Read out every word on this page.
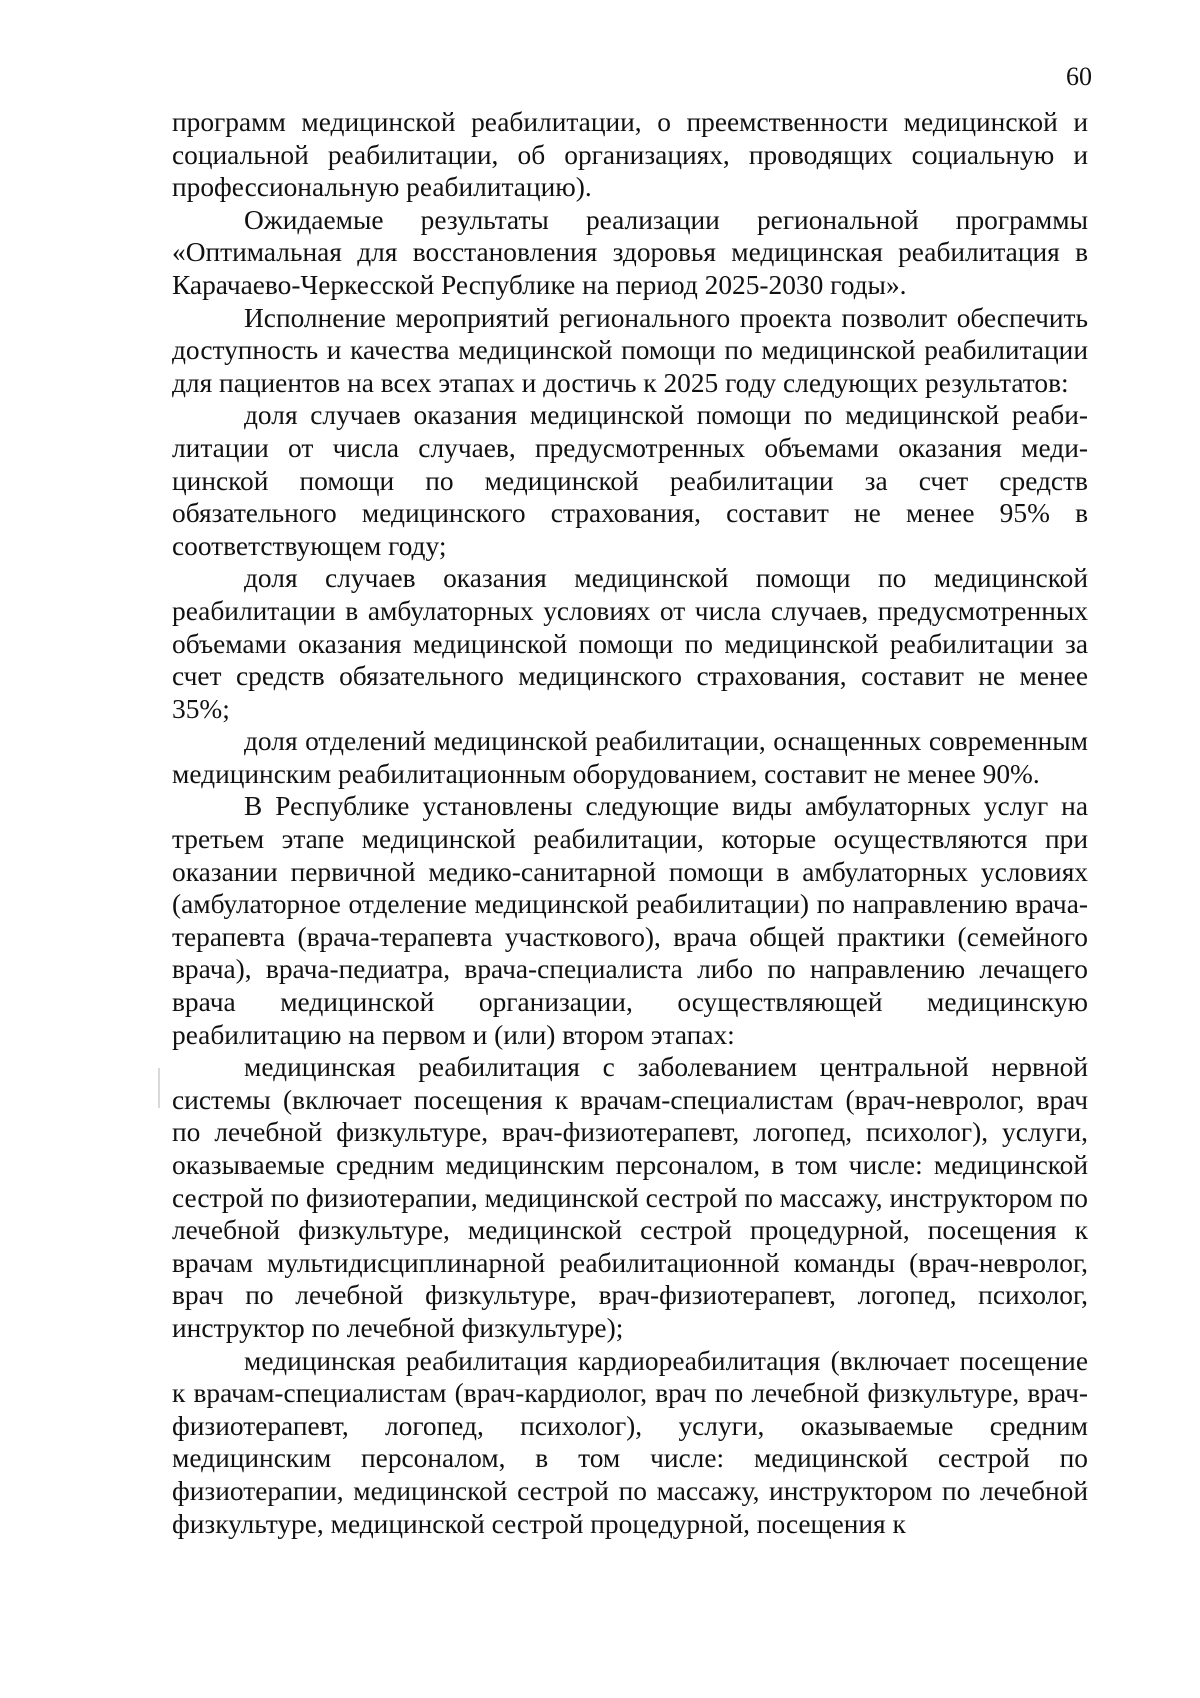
60

программ медицинской реабилитации, о преемственности медицинской и социальной реабилитации, об организациях, проводящих социальную и профессиональную реабилитацию).

Ожидаемые результаты реализации региональной программы «Оптимальная для восстановления здоровья медицинская реабилитация в Карачаево-Черкесской Республике на период 2025-2030 годы».

Исполнение мероприятий регионального проекта позволит обеспечить доступность и качества медицинской помощи по медицинской реабилитации для пациентов на всех этапах и достичь к 2025 году следующих результатов:

доля случаев оказания медицинской помощи по медицинской реабилитации от числа случаев, предусмотренных объемами оказания медицинской помощи по медицинской реабилитации за счет средств обязательного медицинского страхования, составит не менее 95% в соответствующем году;

доля случаев оказания медицинской помощи по медицинской реабилитации в амбулаторных условиях от числа случаев, предусмотренных объемами оказания медицинской помощи по медицинской реабилитации за счет средств обязательного медицинского страхования, составит не менее 35%;

доля отделений медицинской реабилитации, оснащенных современным медицинским реабилитационным оборудованием, составит не менее 90%.

В Республике установлены следующие виды амбулаторных услуг на третьем этапе медицинской реабилитации, которые осуществляются при оказании первичной медико-санитарной помощи в амбулаторных условиях (амбулаторное отделение медицинской реабилитации) по направлению врача-терапевта (врача-терапевта участкового), врача общей практики (семейного врача), врача-педиатра, врача-специалиста либо по направлению лечащего врача медицинской организации, осуществляющей медицинскую реабилитацию на первом и (или) втором этапах:

медицинская реабилитация с заболеванием центральной нервной системы (включает посещения к врачам-специалистам (врач-невролог, врач по лечебной физкультуре, врач-физиотерапевт, логопед, психолог), услуги, оказываемые средним медицинским персоналом, в том числе: медицинской сестрой по физиотерапии, медицинской сестрой по массажу, инструктором по лечебной физкультуре, медицинской сестрой процедурной, посещения к врачам мультидисциплинарной реабилитационной команды (врач-невролог, врач по лечебной физкультуре, врач-физиотерапевт, логопед, психолог, инструктор по лечебной физкультуре);

медицинская реабилитация кардиореабилитация (включает посещение к врачам-специалистам (врач-кардиолог, врач по лечебной физкультуре, врач-физиотерапевт, логопед, психолог), услуги, оказываемые средним медицинским персоналом, в том числе: медицинской сестрой по физиотерапии, медицинской сестрой по массажу, инструктором по лечебной физкультуре, медицинской сестрой процедурной, посещения к
